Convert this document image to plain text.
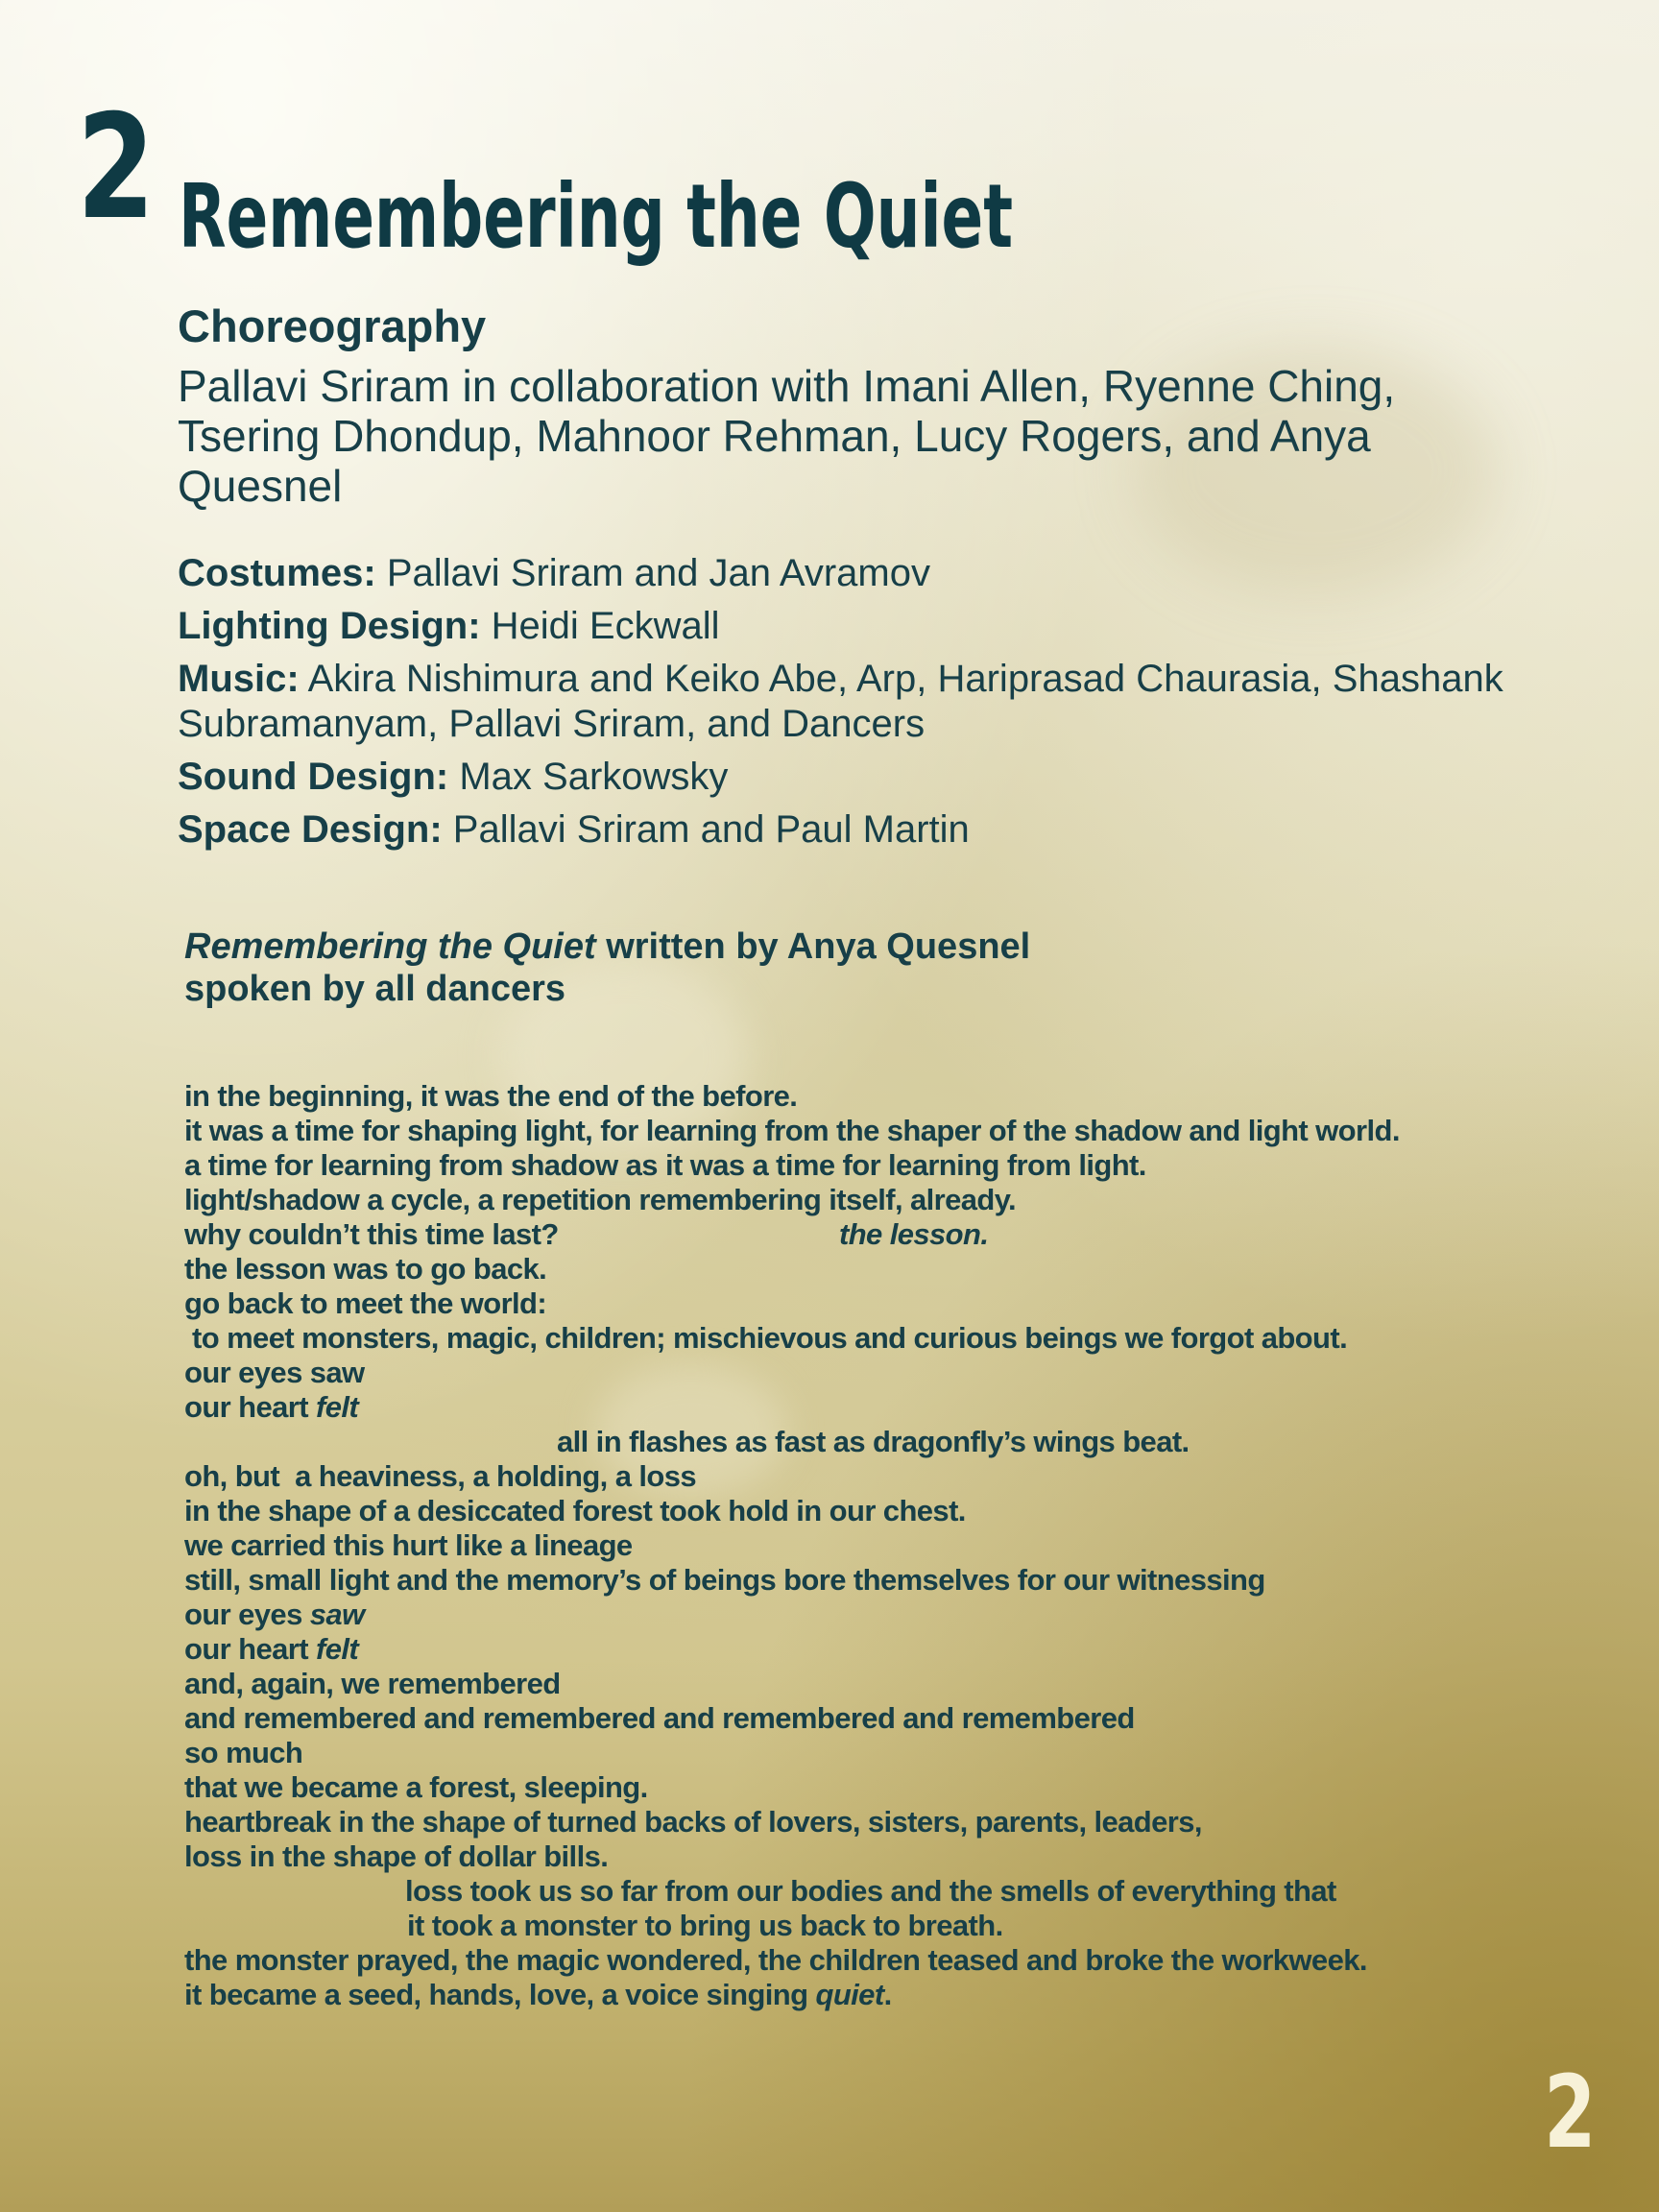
2 Remembering the Quiet
Choreography
Pallavi Sriram in collaboration with Imani Allen, Ryenne Ching, Tsering Dhondup, Mahnoor Rehman, Lucy Rogers, and Anya Quesnel
Costumes: Pallavi Sriram and Jan Avramov
Lighting Design: Heidi Eckwall
Music: Akira Nishimura and Keiko Abe, Arp, Hariprasad Chaurasia, Shashank Subramanyam, Pallavi Sriram, and Dancers
Sound Design: Max Sarkowsky
Space Design: Pallavi Sriram and Paul Martin
Remembering the Quiet written by Anya Quesnel
spoken by all dancers
in the beginning, it was the end of the before.
it was a time for shaping light, for learning from the shaper of the shadow and light world.
a time for learning from shadow as it was a time for learning from light.
light/shadow a cycle, a repetition remembering itself, already.
why couldn’t this time last?	the lesson.
the lesson was to go back.
go back to meet the world:
to meet monsters, magic, children; mischievous and curious beings we forgot about.
our eyes saw
our heart felt
all in flashes as fast as dragonfly’s wings beat.
oh, but  a heaviness, a holding, a loss
in the shape of a desiccated forest took hold in our chest.
we carried this hurt like a lineage
still, small light and the memory’s of beings bore themselves for our witnessing
our eyes saw
our heart felt
and, again, we remembered
and remembered and remembered and remembered and remembered
so much
that we became a forest, sleeping.
heartbreak in the shape of turned backs of lovers, sisters, parents, leaders,
loss in the shape of dollar bills.
loss took us so far from our bodies and the smells of everything that
it took a monster to bring us back to breath.
the monster prayed, the magic wondered, the children teased and broke the workweek.
it became a seed, hands, love, a voice singing quiet.
2
